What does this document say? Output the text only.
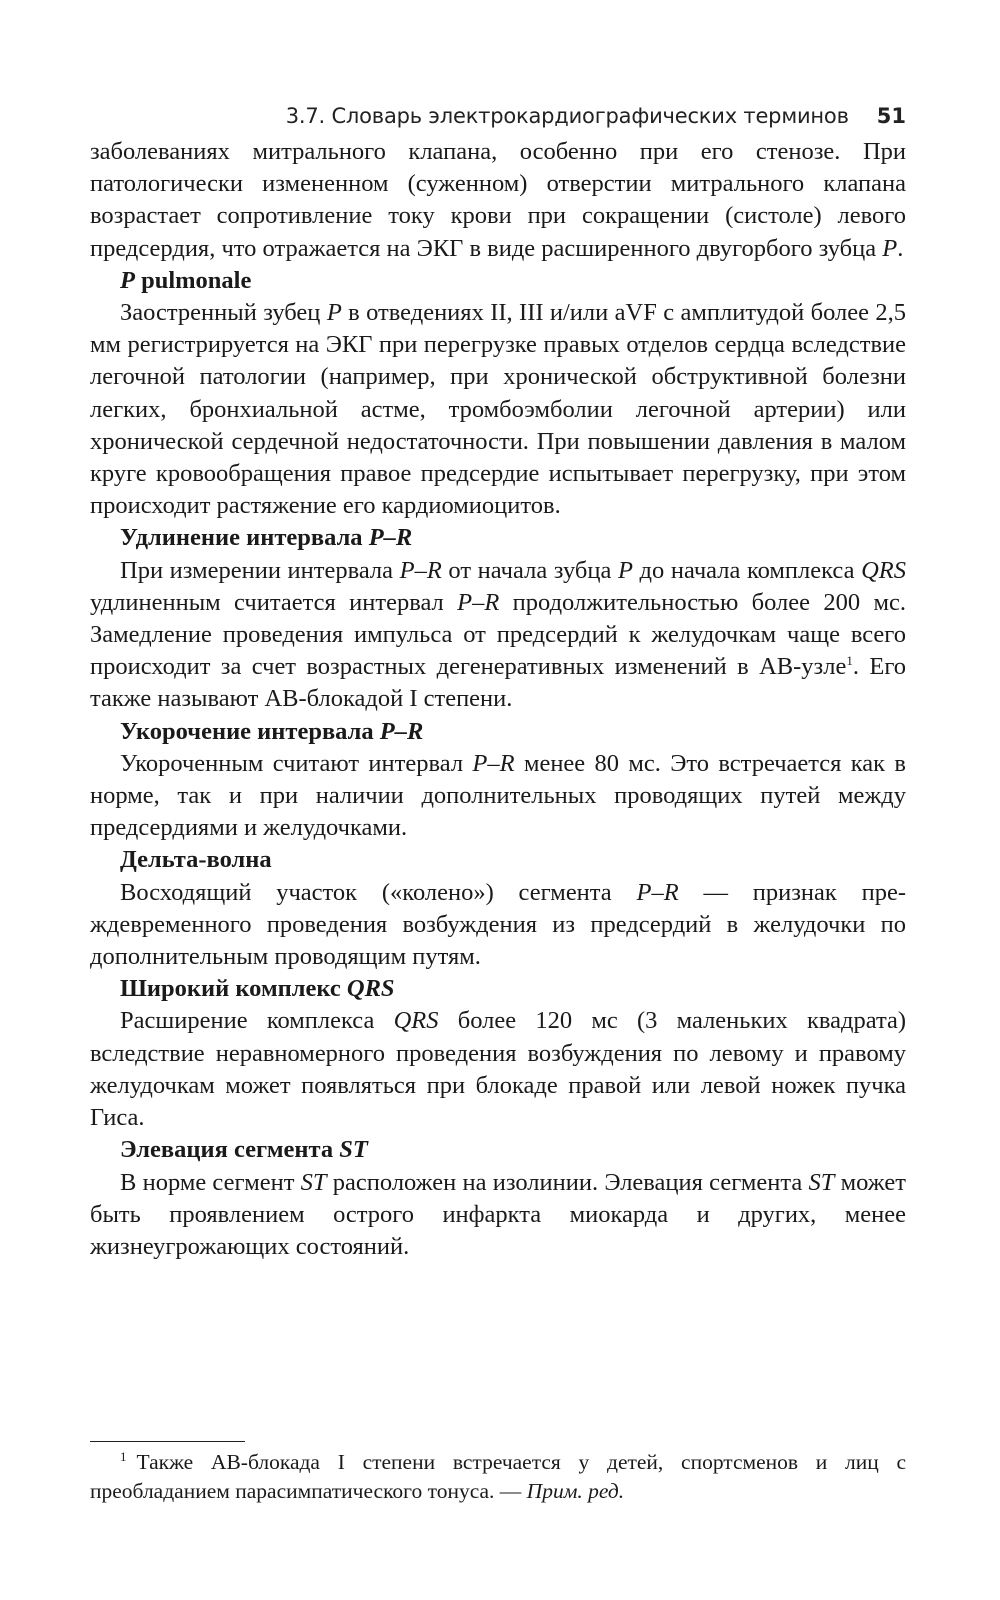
3.7. Словарь электрокардиографических терминов 51

заболеваниях митрального клапана, особенно при его стенозе. При патологически измененном (суженном) отверстии митрального клапана возрастает сопротивление току крови при сокращении (систоле) левого предсердия, что отражается на ЭКГ в виде расширенного двугорбого зубца P.

P pulmonale

Заостренный зубец P в отведениях II, III и/или aVF с амплитудой более 2,5 мм регистрируется на ЭКГ при перегрузке правых отделов сердца вследствие легочной патологии (например, при хронической обструктивной болезни легких, бронхиальной астме, тромбоэмболии легочной артерии) или хронической сердечной недостаточности. При повышении давления в малом круге кровообращения правое предсердие испытывает перегрузку, при этом происходит растяжение его кардиомиоцитов.

Удлинение интервала P–R

При измерении интервала P–R от начала зубца P до начала комплекса QRS удлиненным считается интервал P–R продолжительностью более 200 мс. Замедление проведения импульса от предсердий к желудочкам чаще всего происходит за счет возрастных дегенеративных изменений в АВ-узле$^1$. Его также называют АВ-блокадой I степени.

Укорочение интервала P–R

Укороченным считают интервал P–R менее 80 мс. Это встречается как в норме, так и при наличии дополнительных проводящих путей между предсердиями и желудочками.

Дельта-волна

Восходящий участок («колено») сегмента P–R — признак преждевременного проведения возбуждения из предсердий в желудочки по дополнительным проводящим путям.

Широкий комплекс QRS

Расширение комплекса QRS более 120 мс (3 маленьких квадрата) вследствие неравномерного проведения возбуждения по левому и правому желудочкам может появляться при блокаде правой или левой ножек пучка Гиса.

Элевация сегмента ST

В норме сегмент ST расположен на изолинии. Элевация сегмента ST может быть проявлением острого инфаркта миокарда и других, менее жизнеугрожающих состояний.

$^1$ Также АВ-блокада I степени встречается у детей, спортсменов и лиц с преобладанием парасимпатического тонуса. — Прим. ред.
